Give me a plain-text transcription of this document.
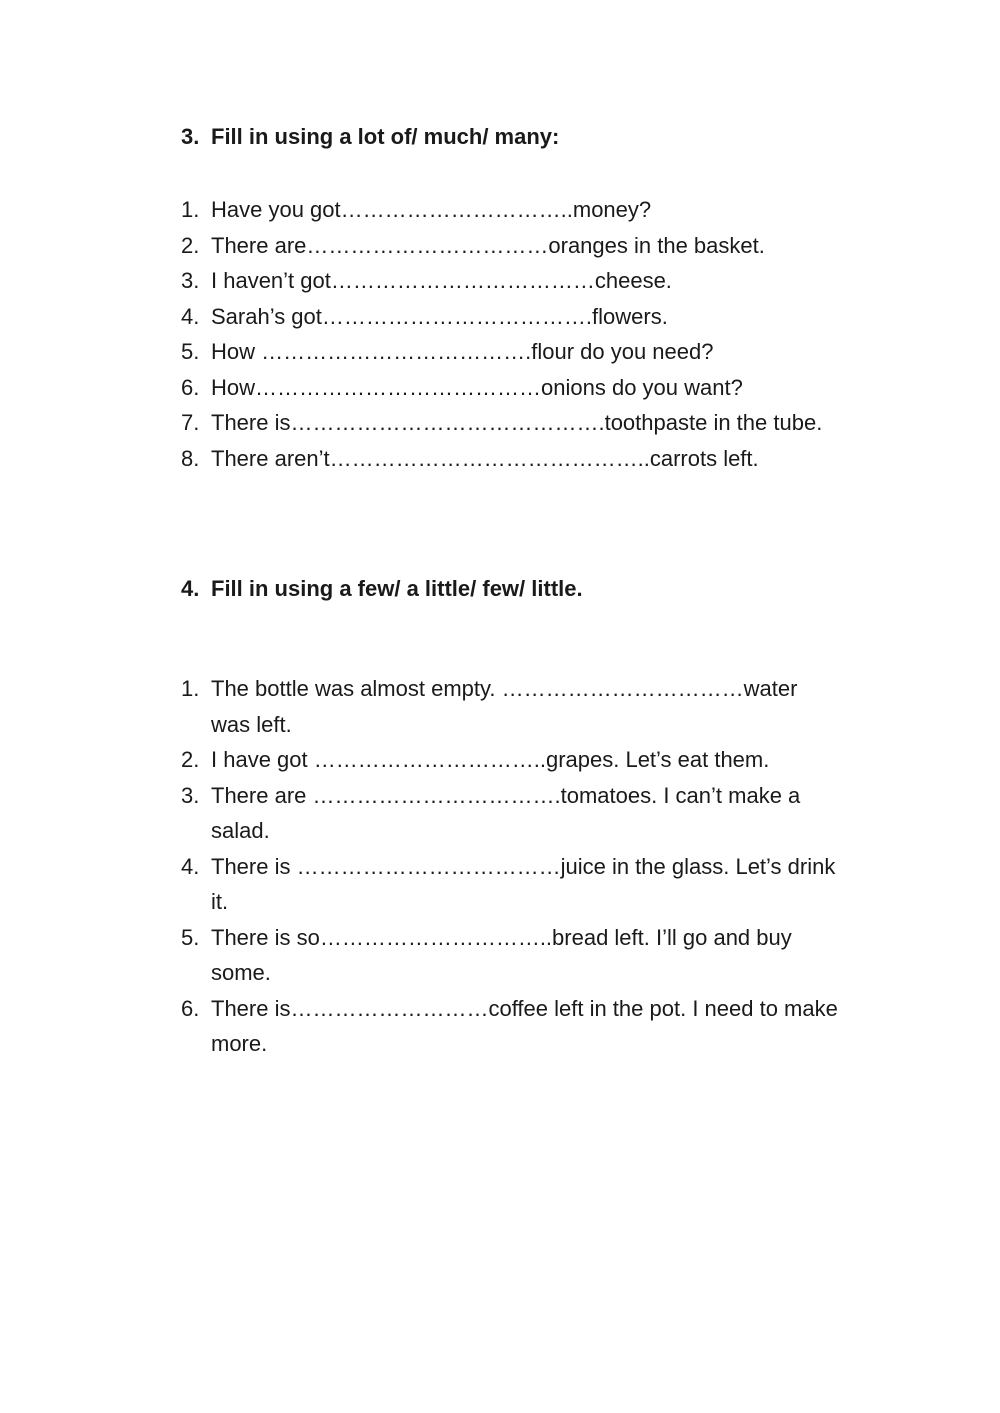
3. Fill in using a lot of/ much/ many:
1. Have you got…………………………..money?
2. There are……………………………oranges in the basket.
3. I haven’t got………………………………cheese.
4. Sarah’s got……………………………….flowers.
5. How ……………………………….flour do you need?
6. How…………………………………onions do you want?
7. There is…………………………………….toothpaste in the tube.
8. There aren’t……………………………………..carrots left.
4. Fill in using a few/ a little/ few/ little.
1. The bottle was almost empty. ……………………………water was left.
2. I have got …………………………..grapes. Let’s eat them.
3. There are …………………………….tomatoes. I can’t make a salad.
4. There is ………………………………juice in the glass. Let’s drink it.
5. There is so…………………………..bread left. I’ll go and buy some.
6. There is………………………coffee left in the pot. I need to make more.
